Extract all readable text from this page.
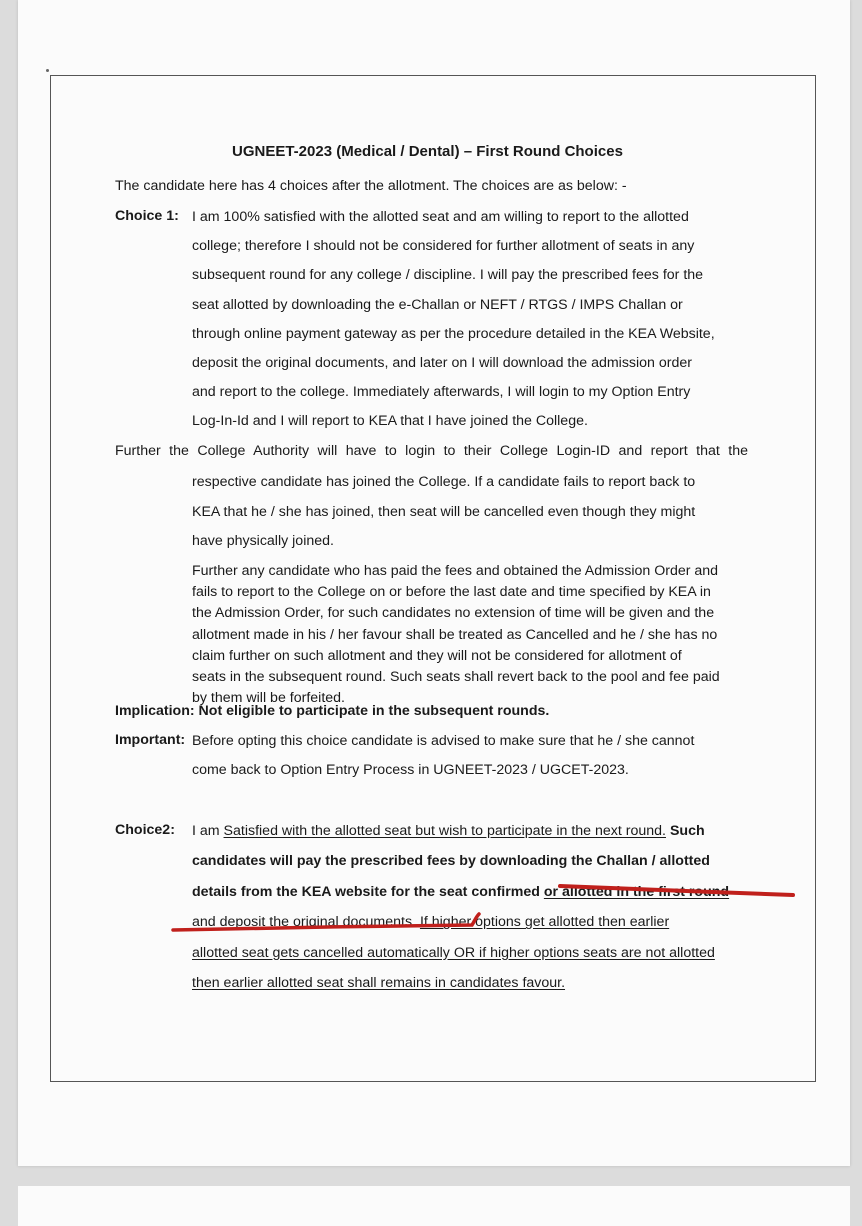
UGNEET-2023 (Medical / Dental) – First Round Choices
The candidate here has 4 choices after the allotment. The choices are as below: -
Choice 1: I am 100% satisfied with the allotted seat and am willing to report to the allotted
college; therefore I should not be considered for further allotment of seats in any
subsequent round for any college / discipline. I will pay the prescribed fees for the
seat allotted by downloading the e-Challan or NEFT / RTGS / IMPS Challan or
through online payment gateway as per the procedure detailed in the KEA Website,
deposit the original documents, and later on I will download the admission order
and report to the college. Immediately afterwards, I will login to my Option Entry
Log-In-Id and I will report to KEA that I have joined the College.
Further the College Authority will have to login to their College Login-ID and report that the
respective candidate has joined the College. If a candidate fails to report back to
KEA that he / she has joined, then seat will be cancelled even though they might
have physically joined.
Further any candidate who has paid the fees and obtained the Admission Order and
fails to report to the College on or before the last date and time specified by KEA in
the Admission Order, for such candidates no extension of time will be given and the
allotment made in his / her favour shall be treated as Cancelled and he / she has no
claim further on such allotment and they will not be considered for allotment of
seats in the subsequent round. Such seats shall revert back to the pool and fee paid
by them will be forfeited.
Implication: Not eligible to participate in the subsequent rounds.
Important: Before opting this choice candidate is advised to make sure that he / she cannot
come back to Option Entry Process in UGNEET-2023 / UGCET-2023.
Choice2: I am Satisfied with the allotted seat but wish to participate in the next round. Such
candidates will pay the prescribed fees by downloading the Challan / allotted
details from the KEA website for the seat confirmed or allotted in the first round
and deposit the original documents. If higher options get allotted then earlier
allotted seat gets cancelled automatically OR if higher options seats are not allotted
then earlier allotted seat shall remains in candidates favour.
